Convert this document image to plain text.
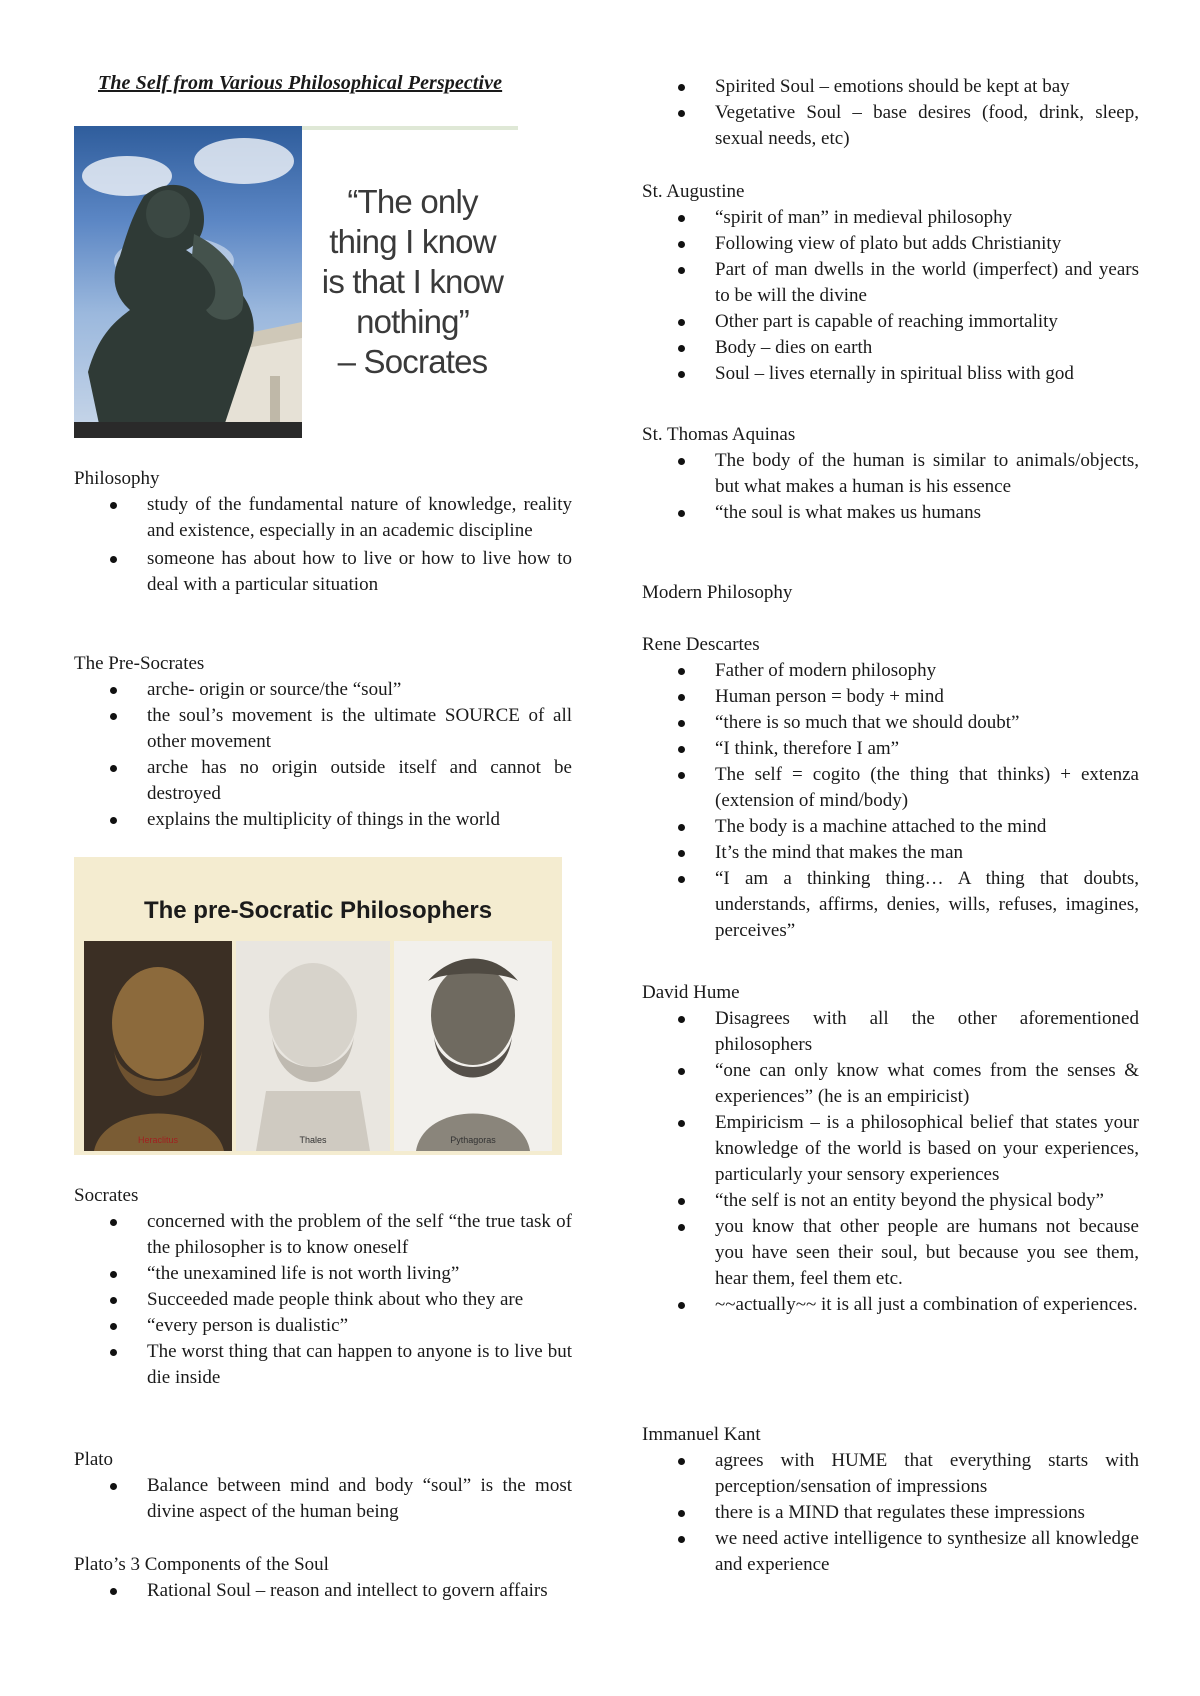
The Self from Various Philosophical Perspective
“The only
thing I know
is that I know
nothing”
– Socrates

Philosophy

study of the fundamental nature of knowledge, reality and existence, especially in an academic discipline
someone has about how to live or how to live how to deal with a particular situation

The Pre-Socrates

arche- origin or source/the “soul”
the soul’s movement is the ultimate SOURCE of all other movement
arche has no origin outside itself and cannot be destroyed
explains the multiplicity of things in the world
The pre-Socratic Philosophers
Heraclitus	Thales	Pythagoras

Socrates

concerned with the problem of the self “the true task of the philosopher is to know oneself
“the unexamined life is not worth living”
Succeeded made people think about who they are
“every person is dualistic”
The worst thing that can happen to anyone is to live but die inside

Plato

Balance between mind and body “soul” is the most divine aspect of the human being

Plato’s 3 Components of the Soul

Rational Soul – reason and intellect to govern affairs
Spirited Soul – emotions should be kept at bay
Vegetative Soul – base desires (food, drink, sleep, sexual needs, etc)

St. Augustine

“spirit of man” in medieval philosophy
Following view of plato but adds Christianity
Part of man dwells in the world (imperfect) and years to be will the divine
Other part is capable of reaching immortality
Body – dies on earth
Soul – lives eternally in spiritual bliss with god

St. Thomas Aquinas

The body of the human is similar to animals/objects, but what makes a human is his essence
“the soul is what makes us humans

Modern Philosophy

Rene Descartes

Father of modern philosophy
Human person = body + mind
“there is so much that we should doubt”
“I think, therefore I am”
The self = cogito (the thing that thinks) + extenza (extension of mind/body)
The body is a machine attached to the mind
It’s the mind that makes the man
“I am a thinking thing… A thing that doubts, understands, affirms, denies, wills, refuses, imagines, perceives”

David Hume

Disagrees with all the other aforementioned philosophers
“one can only know what comes from the senses & experiences” (he is an empiricist)
Empiricism – is a philosophical belief that states your knowledge of the world is based on your experiences, particularly your sensory experiences
“the self is not an entity beyond the physical body”
you know that other people are humans not because you have seen their soul, but because you see them, hear them, feel them etc.
~~actually~~ it is all just a combination of experiences.

Immanuel Kant

agrees with HUME that everything starts with perception/sensation of impressions
there is a MIND that regulates these impressions
we need active intelligence to synthesize all knowledge and experience
